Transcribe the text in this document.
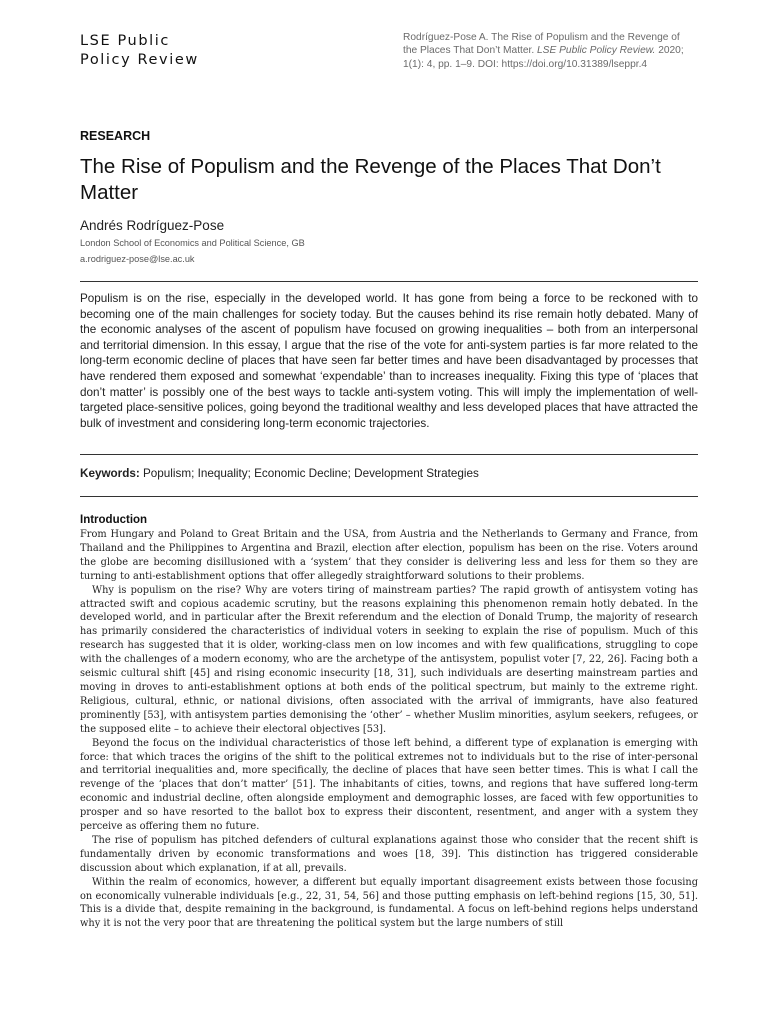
LSE Public
Policy Review
Rodríguez-Pose A. The Rise of Populism and the Revenge of the Places That Don’t Matter. LSE Public Policy Review. 2020; 1(1): 4, pp. 1–9. DOI: https://doi.org/10.31389/lseppr.4
RESEARCH
The Rise of Populism and the Revenge of the Places That Don’t Matter
Andrés Rodríguez-Pose
London School of Economics and Political Science, GB
a.rodriguez-pose@lse.ac.uk

Populism is on the rise, especially in the developed world. It has gone from being a force to be reckoned with to becoming one of the main challenges for society today. But the causes behind its rise remain hotly debated. Many of the economic analyses of the ascent of populism have focused on growing inequalities – both from an interpersonal and territorial dimension. In this essay, I argue that the rise of the vote for anti-system parties is far more related to the long-term economic decline of places that have seen far better times and have been disadvantaged by processes that have rendered them exposed and somewhat ‘expendable’ than to increases inequality. Fixing this type of ‘places that don’t matter’ is possibly one of the best ways to tackle anti-system voting. This will imply the implementation of well-targeted place-sensitive polices, going beyond the traditional wealthy and less developed places that have attracted the bulk of investment and considering long-term economic trajectories.

Keywords: Populism; Inequality; Economic Decline; Development Strategies

Introduction

From Hungary and Poland to Great Britain and the USA, from Austria and the Netherlands to Germany and France, from Thailand and the Philippines to Argentina and Brazil, election after election, populism has been on the rise. Voters around the globe are becoming disillusioned with a ‘system’ that they consider is delivering less and less for them so they are turning to anti-establishment options that offer allegedly straightforward solutions to their problems.

Why is populism on the rise? Why are voters tiring of mainstream parties? The rapid growth of antisystem voting has attracted swift and copious academic scrutiny, but the reasons explaining this phenomenon remain hotly debated. In the developed world, and in particular after the Brexit referendum and the election of Donald Trump, the majority of research has primarily considered the characteristics of individual voters in seeking to explain the rise of populism. Much of this research has suggested that it is older, working-class men on low incomes and with few qualifications, struggling to cope with the challenges of a modern economy, who are the archetype of the antisystem, populist voter [7, 22, 26]. Facing both a seismic cultural shift [45] and rising economic insecurity [18, 31], such individuals are deserting mainstream parties and moving in droves to anti-establishment options at both ends of the political spectrum, but mainly to the extreme right. Religious, cultural, ethnic, or national divisions, often associated with the arrival of immigrants, have also featured prominently [53], with antisystem parties demonising the ‘other’ – whether Muslim minorities, asylum seekers, refugees, or the supposed elite – to achieve their electoral objectives [53].

Beyond the focus on the individual characteristics of those left behind, a different type of explanation is emerging with force: that which traces the origins of the shift to the political extremes not to individuals but to the rise of inter-personal and territorial inequalities and, more specifically, the decline of places that have seen better times. This is what I call the revenge of the ‘places that don’t matter’ [51]. The inhabitants of cities, towns, and regions that have suffered long-term economic and industrial decline, often alongside employment and demographic losses, are faced with few opportunities to prosper and so have resorted to the ballot box to express their discontent, resentment, and anger with a system they perceive as offering them no future.

The rise of populism has pitched defenders of cultural explanations against those who consider that the recent shift is fundamentally driven by economic transformations and woes [18, 39]. This distinction has triggered considerable discussion about which explanation, if at all, prevails.

Within the realm of economics, however, a different but equally important disagreement exists between those focusing on economically vulnerable individuals [e.g., 22, 31, 54, 56] and those putting emphasis on left-behind regions [15, 30, 51]. This is a divide that, despite remaining in the background, is fundamental. A focus on left-behind regions helps understand why it is not the very poor that are threatening the political system but the large numbers of still
